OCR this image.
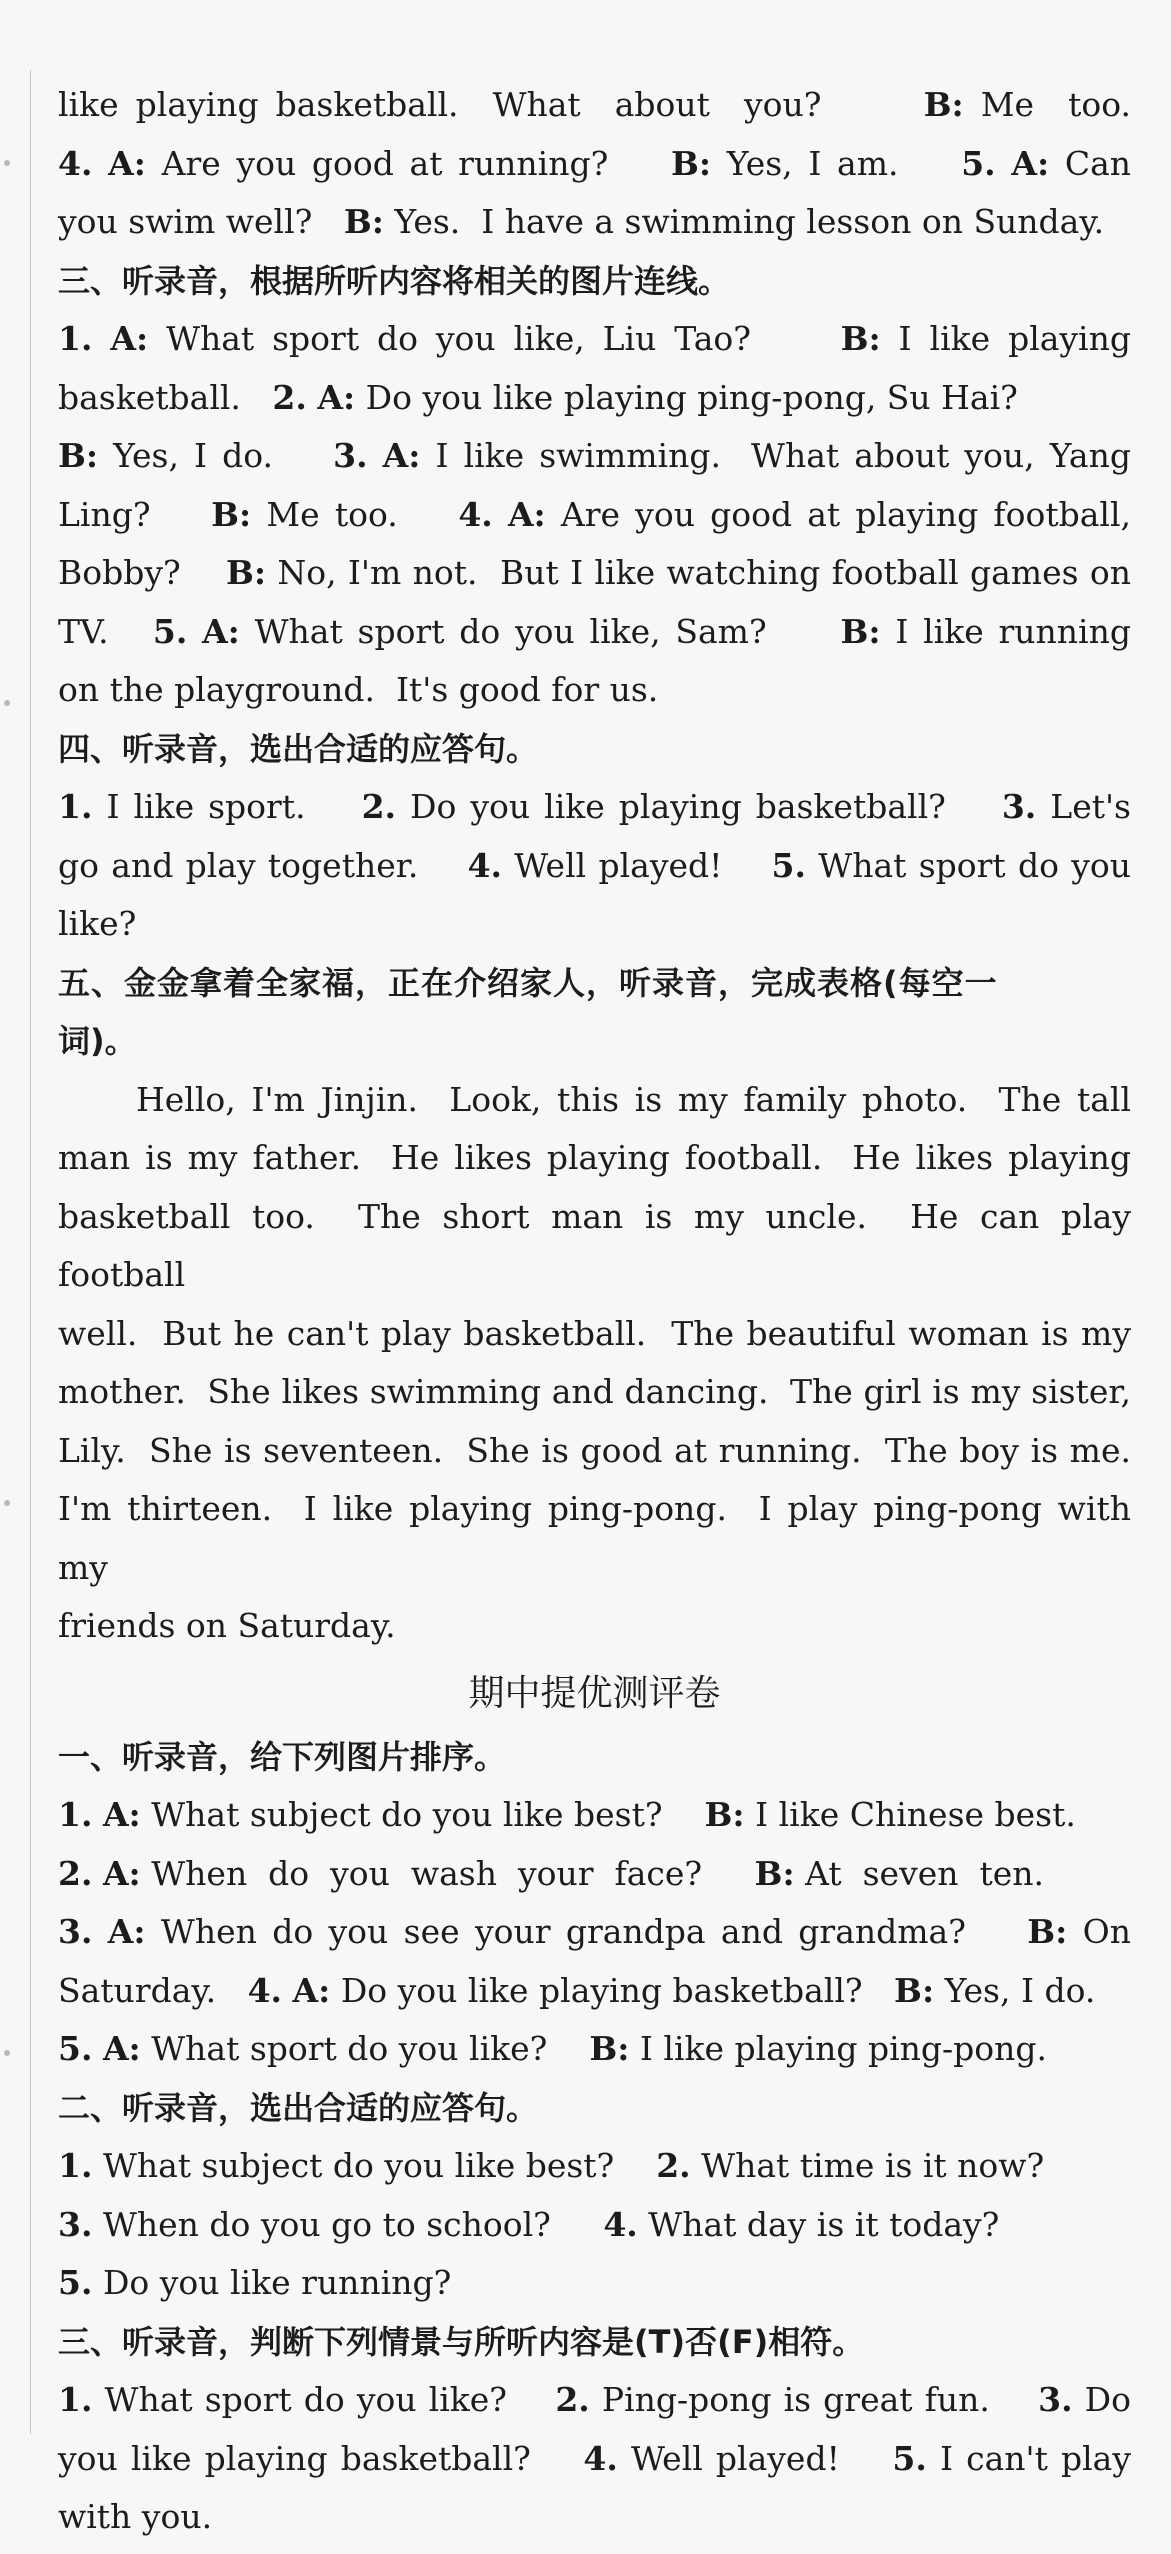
like playing basketball.  What  about  you?      B: Me  too.
4. A: Are you good at running?    B: Yes, I am.    5. A: Can
you swim well?   B: Yes.  I have a swimming lesson on Sunday.
三、听录音，根据所听内容将相关的图片连线。
1. A: What sport do you like, Liu Tao?     B: I like playing
basketball.   2. A: Do you like playing ping-pong, Su Hai?
B: Yes, I do.    3. A: I like swimming.  What about you, Yang
Ling?    B: Me too.    4. A: Are you good at playing football,
Bobby?    B: No, I'm not.  But I like watching football games on
TV.   5. A: What sport do you like, Sam?     B: I like running
on the playground.  It's good for us.
四、听录音，选出合适的应答句。
1. I like sport.    2. Do you like playing basketball?    3. Let's
go and play together.    4. Well played!    5. What sport do you
like?
五、金金拿着全家福，正在介绍家人，听录音，完成表格(每空一
词)。
Hello, I'm Jinjin.  Look, this is my family photo.  The tall
man is my father.  He likes playing football.  He likes playing
basketball too.  The short man is my uncle.  He can play football
well.  But he can't play basketball.  The beautiful woman is my
mother.  She likes swimming and dancing.  The girl is my sister,
Lily.  She is seventeen.  She is good at running.  The boy is me.
I'm thirteen.  I like playing ping-pong.  I play ping-pong with my
friends on Saturday.
期中提优测评卷
一、听录音，给下列图片排序。
1. A: What subject do you like best?    B: I like Chinese best.
2. A: When  do  you  wash  your  face?     B: At  seven  ten.
3. A: When do you see your grandpa and grandma?    B: On
Saturday.   4. A: Do you like playing basketball?   B: Yes, I do.
5. A: What sport do you like?    B: I like playing ping-pong.
二、听录音，选出合适的应答句。
1. What subject do you like best?    2. What time is it now?
3. When do you go to school?     4. What day is it today?
5. Do you like running?
三、听录音，判断下列情景与所听内容是(T)否(F)相符。
1. What sport do you like?    2. Ping-pong is great fun.    3. Do
you like playing basketball?    4. Well played!    5. I can't play
with you.
